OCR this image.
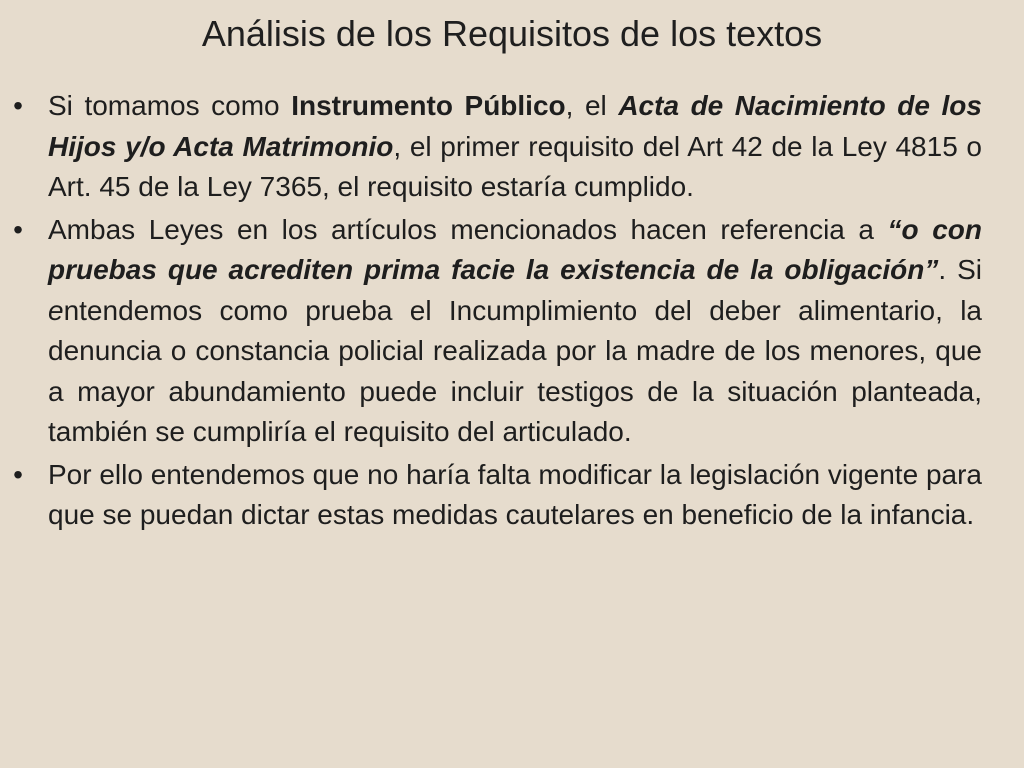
Análisis de los Requisitos de los textos
• Si tomamos como Instrumento Público, el Acta de Nacimiento de los Hijos y/o Acta Matrimonio, el primer requisito del Art 42 de la Ley 4815 o Art. 45 de la Ley 7365, el requisito estaría cumplido.
• Ambas Leyes en los artículos mencionados hacen referencia a “o con pruebas que acrediten prima facie la existencia de la obligación”. Si entendemos como prueba el Incumplimiento del deber alimentario, la denuncia o constancia policial realizada por la madre de los menores, que a mayor abundamiento puede incluir testigos de la situación planteada, también se cumpliría el requisito del articulado.
• Por ello entendemos que no haría falta modificar la legislación vigente para que se puedan dictar estas medidas cautelares en beneficio de la infancia.
